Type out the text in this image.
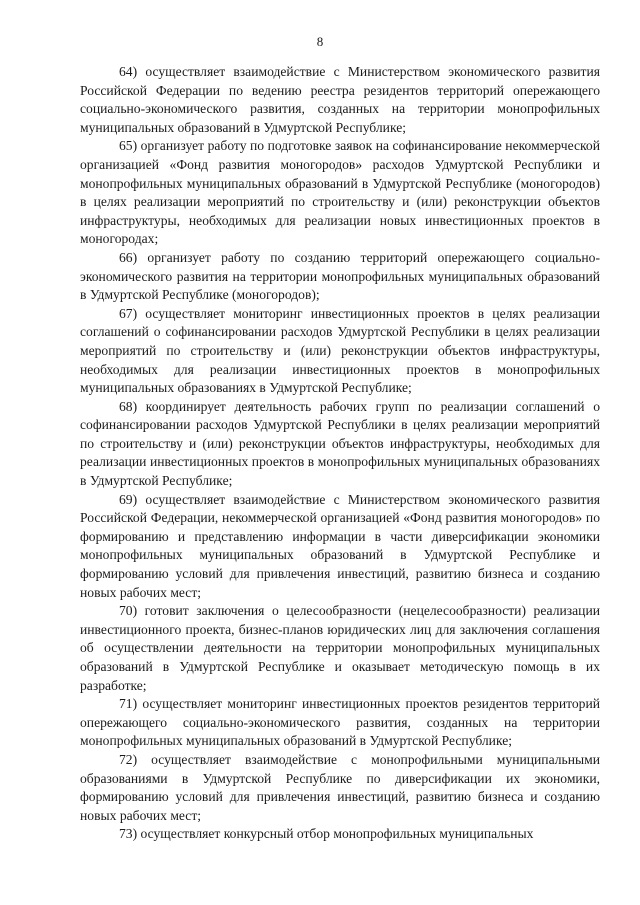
8

64) осуществляет взаимодействие с Министерством экономического развития Российской Федерации по ведению реестра резидентов территорий опережающего социально-экономического развития, созданных на территории монопрофильных муниципальных образований в Удмуртской Республике;

65) организует работу по подготовке заявок на софинансирование некоммерческой организацией «Фонд развития моногородов» расходов Удмуртской Республики и монопрофильных муниципальных образований в Удмуртской Республике (моногородов) в целях реализации мероприятий по строительству и (или) реконструкции объектов инфраструктуры, необходимых для реализации новых инвестиционных проектов в моногородах;

66) организует работу по созданию территорий опережающего социально-экономического развития на территории монопрофильных муниципальных образований в Удмуртской Республике (моногородов);

67) осуществляет мониторинг инвестиционных проектов в целях реализации соглашений о софинансировании расходов Удмуртской Республики в целях реализации мероприятий по строительству и (или) реконструкции объектов инфраструктуры, необходимых для реализации инвестиционных проектов в монопрофильных муниципальных образованиях в Удмуртской Республике;

68) координирует деятельность рабочих групп по реализации соглашений о софинансировании расходов Удмуртской Республики в целях реализации мероприятий по строительству и (или) реконструкции объектов инфраструктуры, необходимых для реализации инвестиционных проектов в монопрофильных муниципальных образованиях в Удмуртской Республике;

69) осуществляет взаимодействие с Министерством экономического развития Российской Федерации, некоммерческой организацией «Фонд развития моногородов» по формированию и представлению информации в части диверсификации экономики монопрофильных муниципальных образований в Удмуртской Республике и формированию условий для привлечения инвестиций, развитию бизнеса и созданию новых рабочих мест;

70) готовит заключения о целесообразности (нецелесообразности) реализации инвестиционного проекта, бизнес-планов юридических лиц для заключения соглашения об осуществлении деятельности на территории монопрофильных муниципальных образований в Удмуртской Республике и оказывает методическую помощь в их разработке;

71) осуществляет мониторинг инвестиционных проектов резидентов территорий опережающего социально-экономического развития, созданных на территории монопрофильных муниципальных образований в Удмуртской Республике;

72) осуществляет взаимодействие с монопрофильными муниципальными образованиями в Удмуртской Республике по диверсификации их экономики, формированию условий для привлечения инвестиций, развитию бизнеса и созданию новых рабочих мест;

73) осуществляет конкурсный отбор монопрофильных муниципальных
